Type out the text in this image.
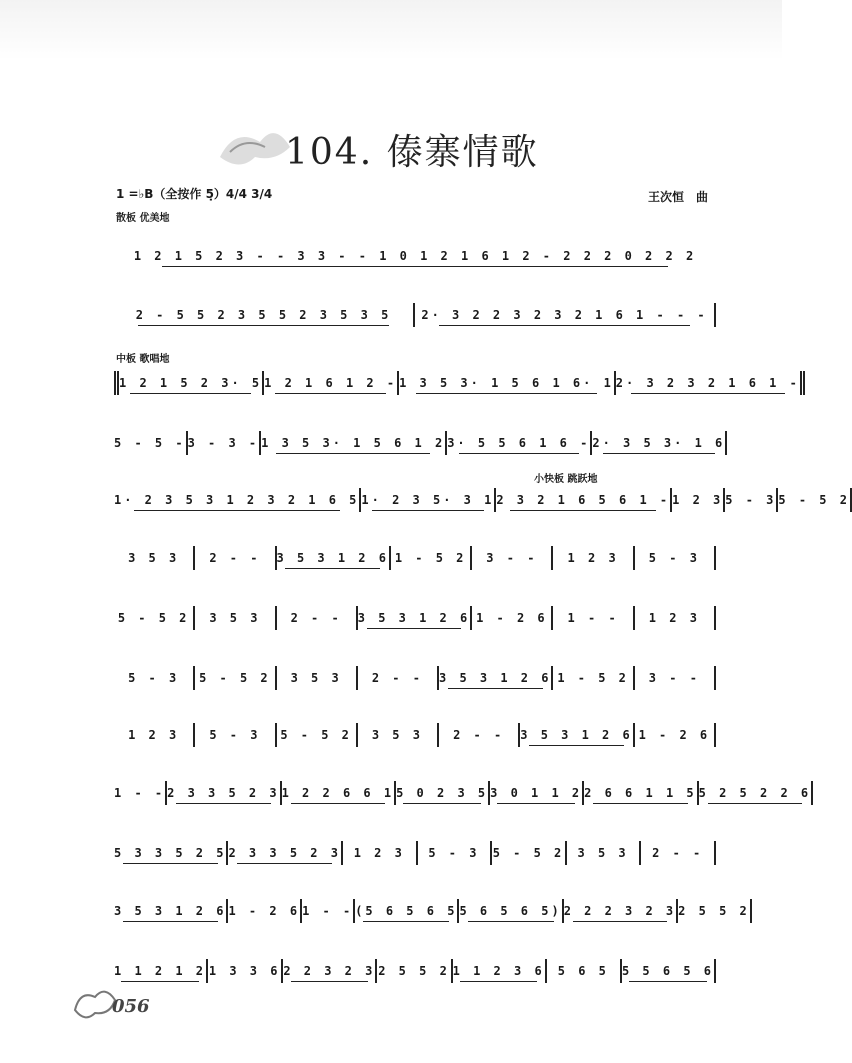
104. 傣寨情歌
1 =♭B（全按作 5̣）4/4 3/4	王次恒　曲
散板 优美地
中板 歌唱地
小快板 跳跃地
1 2 1 5 2 3 - - 3 3 - - 1 0 1 2 1 6 1 2 - 2 2 2 0 2 2 2
2 - 5 5 2 3 5 5 2 3 5 3 5	2· 3 2 2 3 2 3 2 1 6 1 - - -
1 2 1 5 2 3· 5 1 2 1 6 1 2 - 1 3 5 3· 1 5 6 1 6· 1 2· 3 2 3 2 1 6 1 -
5 - 5 - 3 - 3 - 1 3 5 3· 1 5 6 1 2 3· 5 5 6 1 6 - 2· 3 5 3· 1 6
1· 2 3 5 3 1 2 3 2 1 6 5 1· 2 3 5· 3 1 2 3 2 1 6 5 6 1 - 1 2 3 5 - 3 5 - 5 2
3 5 3	2 - -	3 5 3 1 2 6 1 - 5 2	3 - -	1 2 3	5 - 3
5 - 5 2	3 5 3	2 - -	3 5 3 1 2 6 1 - 2 6	1 - -	1 2 3
5 - 3	5 - 5 2	3 5 3	2 - -	3 5 3 1 2 6 1 - 5 2	3 - -
1 2 3	5 - 3	5 - 5 2	3 5 3	2 - -	3 5 3 1 2 6 1 - 2 6
1 - - 2 3 3 5 2 3 1 2 2 6 6 1 5 0 2 3 5 3 0 1 1 2 2 6 6 1 1 5 5 2 5 2 2 6
5 3 3 5 2 5 2 3 3 5 2 3	1 2 3	5 - 3	5 - 5 2	3 5 3	2 - -
3 5 3 1 2 6 1 - 2 6 1 - - (5 6 5 6 5 5 6 5 6 5) 2 2 2 3 2 3 2 5 5 2
1 1 2 1 2 1 3 3 6 2 2 3 2 3 2 5 5 2 1 1 2 3 6	5 6 5	5 5 6 5 6
056
